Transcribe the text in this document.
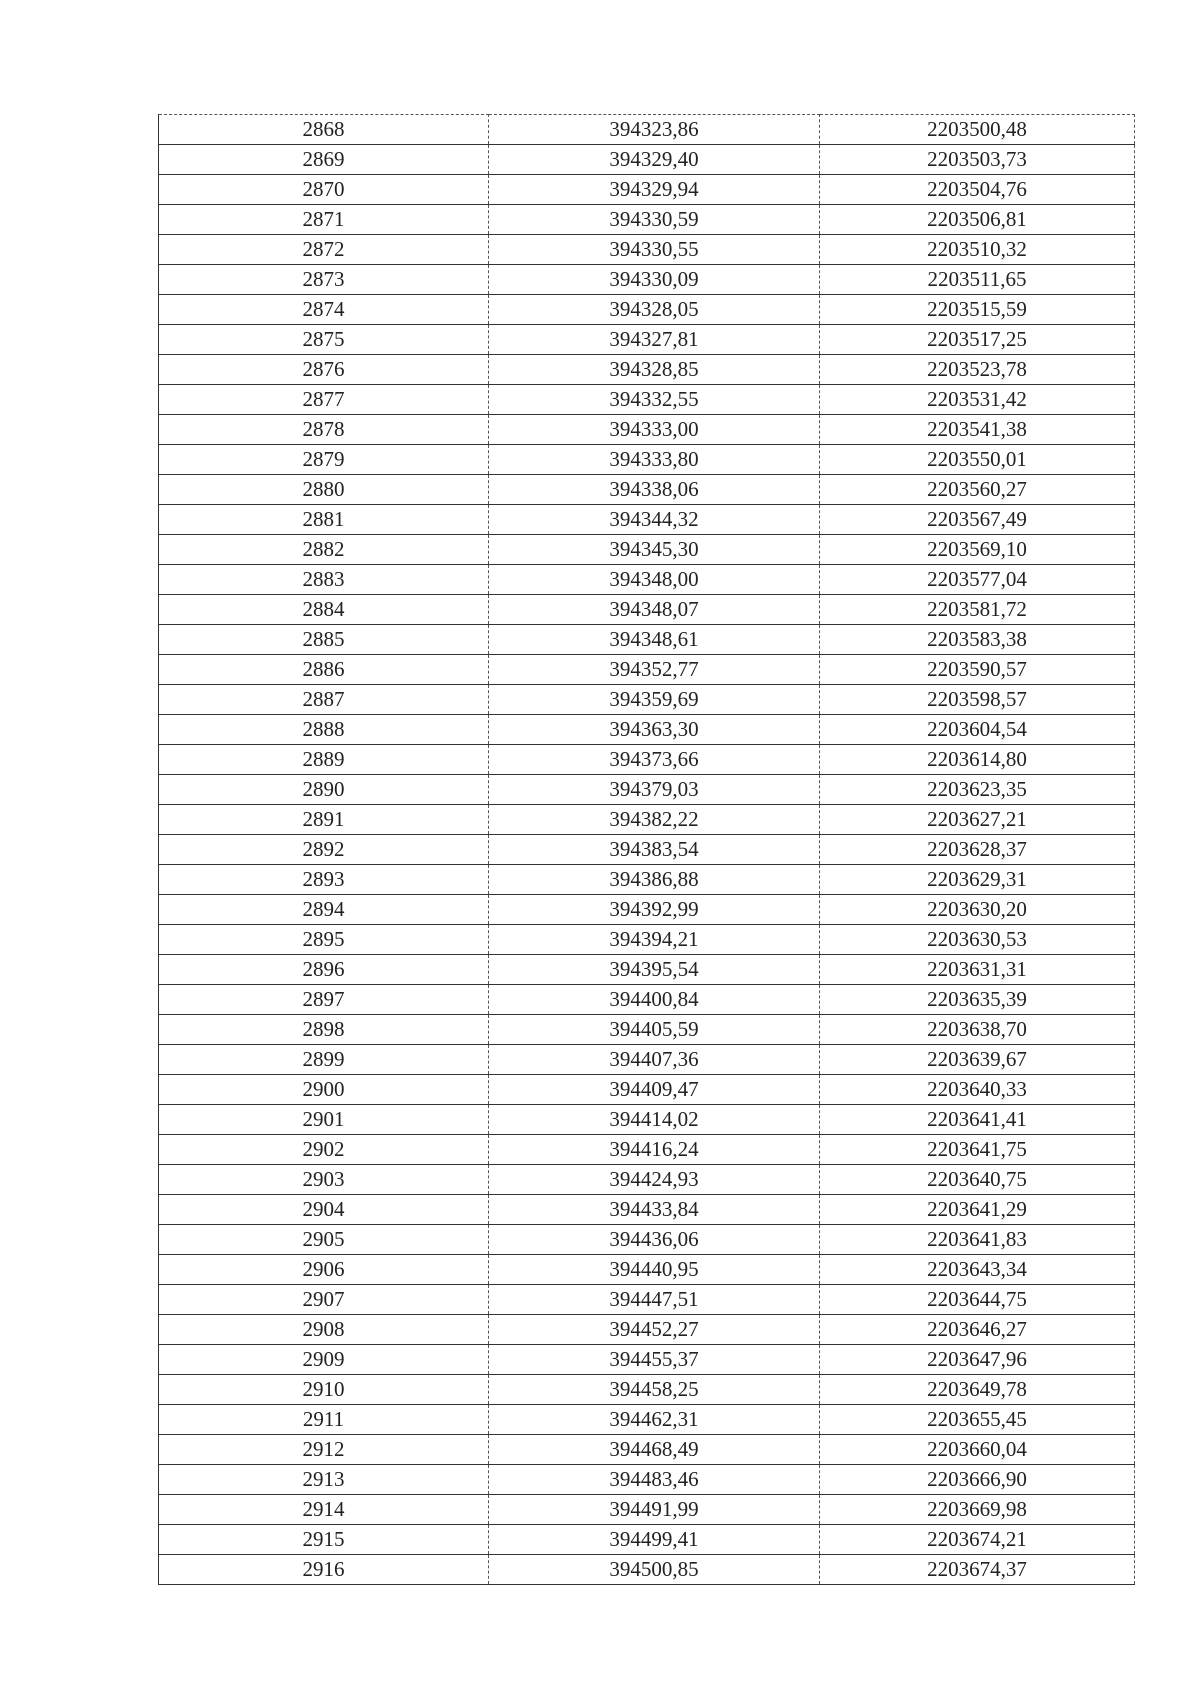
2868	394323,86	2203500,48
2869	394329,40	2203503,73
2870	394329,94	2203504,76
2871	394330,59	2203506,81
2872	394330,55	2203510,32
2873	394330,09	2203511,65
2874	394328,05	2203515,59
2875	394327,81	2203517,25
2876	394328,85	2203523,78
2877	394332,55	2203531,42
2878	394333,00	2203541,38
2879	394333,80	2203550,01
2880	394338,06	2203560,27
2881	394344,32	2203567,49
2882	394345,30	2203569,10
2883	394348,00	2203577,04
2884	394348,07	2203581,72
2885	394348,61	2203583,38
2886	394352,77	2203590,57
2887	394359,69	2203598,57
2888	394363,30	2203604,54
2889	394373,66	2203614,80
2890	394379,03	2203623,35
2891	394382,22	2203627,21
2892	394383,54	2203628,37
2893	394386,88	2203629,31
2894	394392,99	2203630,20
2895	394394,21	2203630,53
2896	394395,54	2203631,31
2897	394400,84	2203635,39
2898	394405,59	2203638,70
2899	394407,36	2203639,67
2900	394409,47	2203640,33
2901	394414,02	2203641,41
2902	394416,24	2203641,75
2903	394424,93	2203640,75
2904	394433,84	2203641,29
2905	394436,06	2203641,83
2906	394440,95	2203643,34
2907	394447,51	2203644,75
2908	394452,27	2203646,27
2909	394455,37	2203647,96
2910	394458,25	2203649,78
2911	394462,31	2203655,45
2912	394468,49	2203660,04
2913	394483,46	2203666,90
2914	394491,99	2203669,98
2915	394499,41	2203674,21
2916	394500,85	2203674,37
